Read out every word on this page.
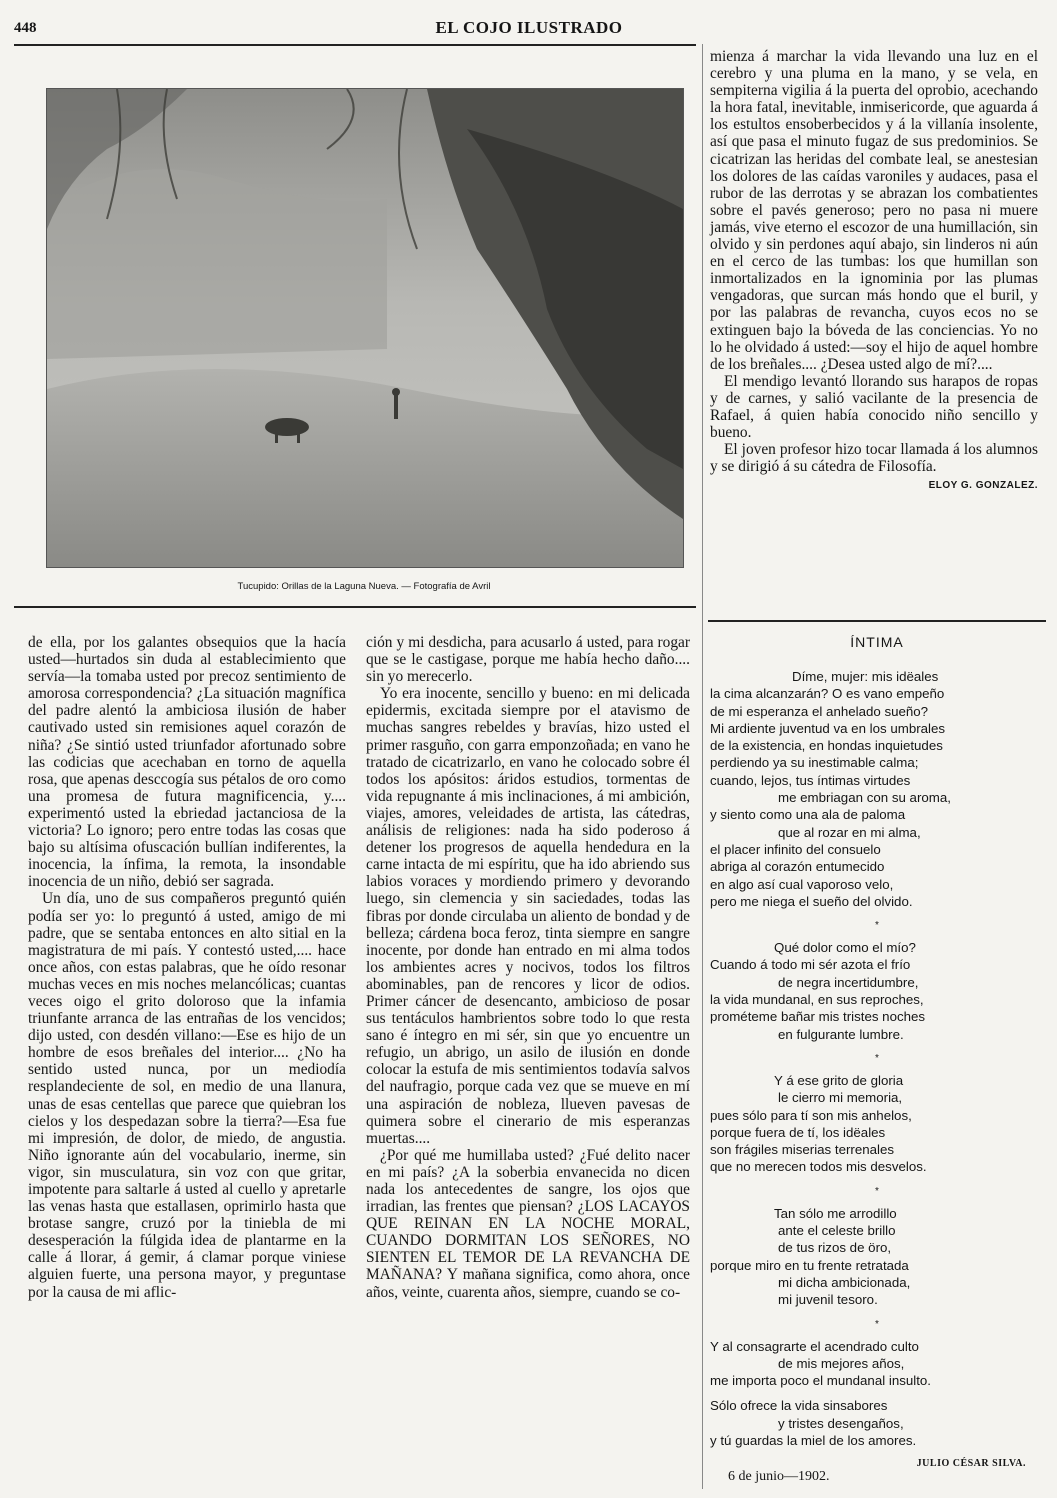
448	EL COJO ILUSTRADO
Tucupido: Orillas de la Laguna Nueva. — Fotografía de Avril

mienza á marchar la vida llevando una luz en el cerebro y una pluma en la mano, y se vela, en sempiterna vigilia á la puerta del oprobio, acechando la hora fatal, inevitable, inmisericorde, que aguarda á los estultos ensoberbecidos y á la villanía insolente, así que pasa el minuto fugaz de sus predominios. Se cicatrizan las heridas del combate leal, se anestesian los dolores de las caídas varoniles y audaces, pasa el rubor de las derrotas y se abrazan los combatientes sobre el pavés generoso; pero no pasa ni muere jamás, vive eterno el escozor de una humillación, sin olvido y sin perdones aquí abajo, sin linderos ni aún en el cerco de las tumbas: los que humillan son inmortalizados en la ignominia por las plumas vengadoras, que surcan más hondo que el buril, y por las palabras de revancha, cuyos ecos no se extinguen bajo la bóveda de las conciencias. Yo no lo he olvidado á usted:—soy el hijo de aquel hombre de los breñales.... ¿Desea usted algo de mí?....

El mendigo levantó llorando sus harapos de ropas y de carnes, y salió vacilante de la presencia de Rafael, á quien había conocido niño sencillo y bueno.

El joven profesor hizo tocar llamada á los alumnos y se dirigió á su cátedra de Filosofía.

ELOY G. GONZALEZ.

de ella, por los galantes obsequios que la hacía usted—hurtados sin duda al establecimiento que servía—la tomaba usted por precoz sentimiento de amorosa correspondencia? ¿La situación magnífica del padre alentó la ambiciosa ilusión de haber cautivado usted sin remisiones aquel corazón de niña? ¿Se sintió usted triunfador afortunado sobre las codicias que acechaban en torno de aquella rosa, que apenas desccogía sus pétalos de oro como una promesa de futura magnificencia, y.... experimentó usted la ebriedad jactanciosa de la victoria? Lo ignoro; pero entre todas las cosas que bajo su altísima ofuscación bullían indiferentes, la inocencia, la ínfima, la remota, la insondable inocencia de un niño, debió ser sagrada.

Un día, uno de sus compañeros preguntó quién podía ser yo: lo preguntó á usted, amigo de mi padre, que se sentaba entonces en alto sitial en la magistratura de mi país. Y contestó usted,.... hace once años, con estas palabras, que he oído resonar muchas veces en mis noches melancólicas; cuantas veces oigo el grito doloroso que la infamia triunfante arranca de las entrañas de los vencidos; dijo usted, con desdén villano:—Ese es hijo de un hombre de esos breñales del interior.... ¿No ha sentido usted nunca, por un mediodía resplandeciente de sol, en medio de una llanura, unas de esas centellas que parece que quiebran los cielos y los despedazan sobre la tierra?—Esa fue mi impresión, de dolor, de miedo, de angustia. Niño ignorante aún del vocabulario, inerme, sin vigor, sin musculatura, sin voz con que gritar, impotente para saltarle á usted al cuello y apretarle las venas hasta que estallasen, oprimirlo hasta que brotase sangre, cruzó por la tiniebla de mi desesperación la fúlgida idea de plantarme en la calle á llorar, á gemir, á clamar porque viniese alguien fuerte, una persona mayor, y preguntase por la causa de mi aflic-

ción y mi desdicha, para acusarlo á usted, para rogar que se le castigase, porque me había hecho daño.... sin yo merecerlo.

Yo era inocente, sencillo y bueno: en mi delicada epidermis, excitada siempre por el atavismo de muchas sangres rebeldes y bravías, hizo usted el primer rasguño, con garra emponzoñada; en vano he tratado de cicatrizarlo, en vano he colocado sobre él todos los apósitos: áridos estudios, tormentas de vida repugnante á mis inclinaciones, á mi ambición, viajes, amores, veleidades de artista, las cátedras, análisis de religiones: nada ha sido poderoso á detener los progresos de aquella hendedura en la carne intacta de mi espíritu, que ha ido abriendo sus labios voraces y mordiendo primero y devorando luego, sin clemencia y sin saciedades, todas las fibras por donde circulaba un aliento de bondad y de belleza; cárdena boca feroz, tinta siempre en sangre inocente, por donde han entrado en mi alma todos los ambientes acres y nocivos, todos los filtros abominables, pan de rencores y licor de odios. Primer cáncer de desencanto, ambicioso de posar sus tentáculos hambrientos sobre todo lo que resta sano é íntegro en mi sér, sin que yo encuentre un refugio, un abrigo, un asilo de ilusión en donde colocar la estufa de mis sentimientos todavía salvos del naufragio, porque cada vez que se mueve en mí una aspiración de nobleza, llueven pavesas de quimera sobre el cinerario de mis esperanzas muertas....

¿Por qué me humillaba usted? ¿Fué delito nacer en mi país? ¿A la soberbia envanecida no dicen nada los antecedentes de sangre, los ojos que irradian, las frentes que piensan? ¿LOS LACAYOS QUE REINAN EN LA NOCHE MORAL, CUANDO DORMITAN LOS SEÑORES, NO SIENTEN EL TEMOR DE LA REVANCHA DE MAÑANA? Y mañana significa, como ahora, once años, veinte, cuarenta años, siempre, cuando se co-

ÍNTIMA
Díme, mujer: mis idëales
la cima alcanzarán? O es vano empeño
de mi esperanza el anhelado sueño?
Mi ardiente juventud va en los umbrales
de la existencia, en hondas inquietudes
perdiendo ya su inestimable calma;
cuando, lejos, tus íntimas virtudes
me embriagan con su aroma,
y siento como una ala de paloma
que al rozar en mi alma,
el placer infinito del consuelo
abriga al corazón entumecido
en algo así cual vaporoso velo,
pero me niega el sueño del olvido.
*
Qué dolor como el mío?
Cuando á todo mi sér azota el frío
de negra incertidumbre,
la vida mundanal, en sus reproches,
prométeme bañar mis tristes noches
en fulgurante lumbre.
*
Y á ese grito de gloria
le cierro mi memoria,
pues sólo para tí son mis anhelos,
porque fuera de tí, los idëales
son frágiles miserias terrenales
que no merecen todos mis desvelos.
*
Tan sólo me arrodillo
ante el celeste brillo
de tus rizos de öro,
porque miro en tu frente retratada
mi dicha ambicionada,
mi juvenil tesoro.
*
Y al consagrarte el acendrado culto
de mis mejores años,
me importa poco el mundanal insulto.
Sólo ofrece la vida sinsabores
y tristes desengaños,
y tú guardas la miel de los amores.
JULIO CÉSAR SILVA.
6 de junio—1902.
